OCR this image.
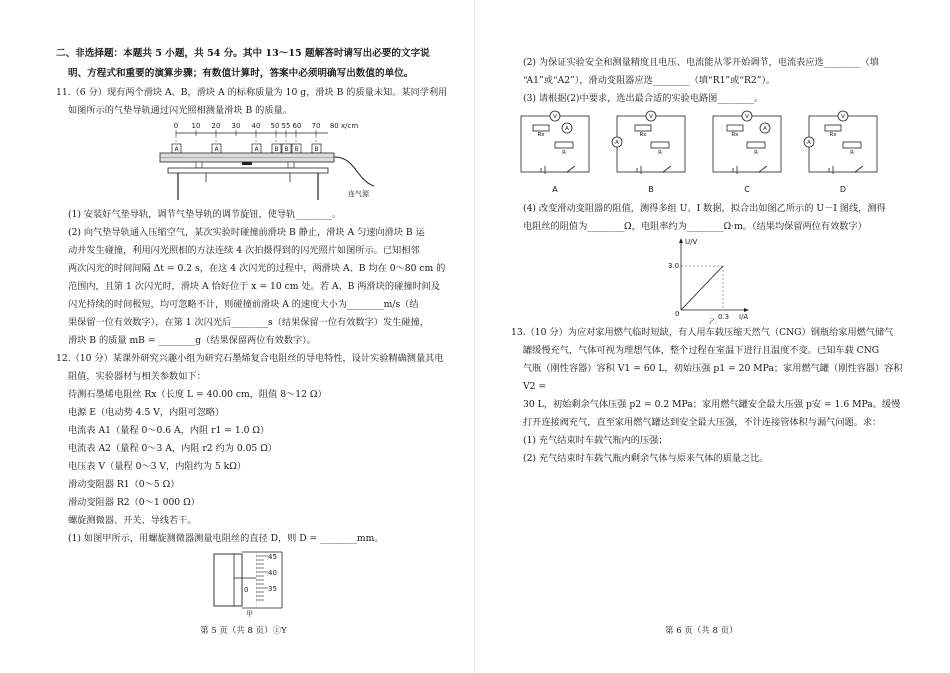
二、非选择题：本题共 5 小题，共 54 分。其中 13～15 题解答时请写出必要的文字说

明、方程式和重要的演算步骤；有数值计算时，答案中必须明确写出数值的单位。

11.（6 分）现有两个滑块 A、B，滑块 A 的标称质量为 10 g，滑块 B 的质量未知。某同学利用

如图所示的气垫导轨通过闪光照相测量滑块 B 的质量。

0 10 20 30 40 50 55 60 70 80 x/cm
A	A	A	B B B	B
连气源

(1) 安装好气垫导轨，调节气垫导轨的调节旋钮，使导轨________。

(2) 向气垫导轨通入压缩空气，某次实验时碰撞前滑块 B 静止，滑块 A 匀速向滑块 B 运

动并发生碰撞，利用闪光照相的方法连续 4 次拍摄得到的闪光照片如图所示。已知相邻

两次闪光的时间间隔 Δt = 0.2 s，在这 4 次闪光的过程中，两滑块 A、B 均在 0～80 cm 的

范围内，且第 1 次闪光时，滑块 A 恰好位于 x = 10 cm 处。若 A、B 两滑块的碰撞时间及

闪光持续的时间极短，均可忽略不计，则碰撞前滑块 A 的速度大小为________m/s（结

果保留一位有效数字），在第 1 次闪光后________s（结果保留一位有效数字）发生碰撞，

滑块 B 的质量 mB = ________g（结果保留两位有效数字）。

12.（10 分）某课外研究兴趣小组为研究石墨烯复合电阻丝的导电特性，设计实验精确测量其电

阻值，实验器材与相关参数如下：

待测石墨烯电阻丝 Rx（长度 L = 40.00 cm，阻值 8～12 Ω）

电源 E（电动势 4.5 V，内阻可忽略）

电流表 A1（量程 0～0.6 A，内阻 r1 = 1.0 Ω）

电流表 A2（量程 0～3 A，内阻 r2 约为 0.05 Ω）

电压表 V（量程 0～3 V，内阻约为 5 kΩ）

滑动变阻器 R1（0～5 Ω）

滑动变阻器 R2（0～1 000 Ω）

螺旋测微器、开关、导线若干。

(1) 如图甲所示，用螺旋测微器测量电阻丝的直径 D，则 D = ________mm。

45
40
35
0
甲
第 5 页（共 8 页）①Y

(2) 为保证实验安全和测量精度且电压、电流能从零开始调节，电流表应选________（填

“A1”或“A2”），滑动变阻器应选________（填“R1”或“R2”）。

(3) 请根据(2)中要求，选出最合适的实验电路图________。

V
A
Rx
R
V
A
Rx
R
V
A
Rx
R
V
A
Rx
R
A	B	C	D

(4) 改变滑动变阻器的阻值，测得多组 U、I 数据，拟合出如图乙所示的 U－I 图线，测得

电阻丝的阻值为________Ω，电阻率约为________Ω·m。（结果均保留两位有效数字）

U/V
I/A
3.0
0.3
0
乙

13.（10 分）为应对家用燃气临时短缺，有人用车载压缩天然气（CNG）钢瓶给家用燃气储气

罐缓慢充气，气体可视为理想气体，整个过程在室温下进行且温度不变。已知车载 CNG

气瓶（刚性容器）容积 V1 = 60 L，初始压强 p1 = 20 MPa；家用燃气罐（刚性容器）容积 V2 =

30 L，初始剩余气体压强 p2 = 0.2 MPa；家用燃气罐安全最大压强 p安 = 1.6 MPa。缓慢

打开连接阀充气，直至家用燃气罐达到安全最大压强，不计连接管体积与漏气问题。求：

(1) 充气结束时车载气瓶内的压强；

(2) 充气结束时车载气瓶内剩余气体与原来气体的质量之比。

第 6 页（共 8 页）
